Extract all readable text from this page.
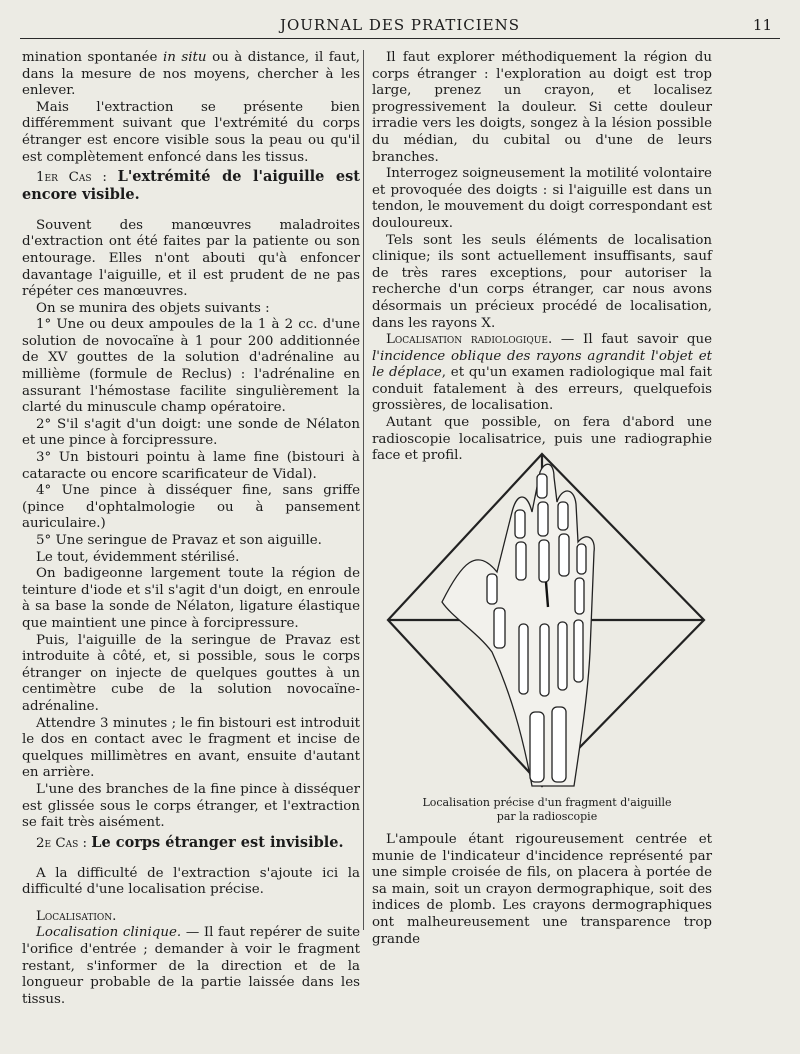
JOURNAL DES PRATICIENS	11

mination spontanée in situ ou à distance, il faut, dans la mesure de nos moyens, chercher à les enlever.

Mais l'extraction se présente bien différemment suivant que l'extrémité du corps étranger est encore visible sous la peau ou qu'il est complètement enfoncé dans les tissus.

1er Cas : L'extrémité de l'aiguille est encore visible.

Souvent des manœuvres maladroites d'extraction ont été faites par la patiente ou son entourage. Elles n'ont abouti qu'à enfoncer davantage l'aiguille, et il est prudent de ne pas répéter ces manœuvres.

On se munira des objets suivants :

1° Une ou deux ampoules de la 1 à 2 cc. d'une solution de novocaïne à 1 pour 200 additionnée de XV gouttes de la solution d'adrénaline au millième (formule de Reclus) : l'adrénaline en assurant l'hémostase facilite singulièrement la clarté du minuscule champ opératoire.

2° S'il s'agit d'un doigt: une sonde de Nélaton et une pince à forcipressure.

3° Un bistouri pointu à lame fine (bistouri à cataracte ou encore scarificateur de Vidal).

4° Une pince à disséquer fine, sans griffe (pince d'ophtalmologie ou à pansement auriculaire.)

5° Une seringue de Pravaz et son aiguille.

Le tout, évidemment stérilisé.

On badigeonne largement toute la région de teinture d'iode et s'il s'agit d'un doigt, en enroule à sa base la sonde de Nélaton, ligature élastique que maintient une pince à forcipressure.

Puis, l'aiguille de la seringue de Pravaz est introduite à côté, et, si possible, sous le corps étranger on injecte de quelques gouttes à un centimètre cube de la solution novocaïne-adrénaline.

Attendre 3 minutes ; le fin bistouri est introduit le dos en contact avec le fragment et incise de quelques millimètres en avant, ensuite d'autant en arrière.

L'une des branches de la fine pince à disséquer est glissée sous le corps étranger, et l'extraction se fait très aisément.

2e Cas : Le corps étranger est invisible.

A la difficulté de l'extraction s'ajoute ici la difficulté d'une localisation précise.

Localisation.

Localisation clinique. — Il faut repérer de suite l'orifice d'entrée ; demander à voir le fragment restant, s'informer de la direction et de la longueur probable de la partie laissée dans les tissus.

Il faut explorer méthodiquement la région du corps étranger : l'exploration au doigt est trop large, prenez un crayon, et localisez progressivement la douleur. Si cette douleur irradie vers les doigts, songez à la lésion possible du médian, du cubital ou d'une de leurs branches.

Interrogez soigneusement la motilité volontaire et provoquée des doigts : si l'aiguille est dans un tendon, le mouvement du doigt correspondant est douloureux.

Tels sont les seuls éléments de localisation clinique; ils sont actuellement insuffisants, sauf de très rares exceptions, pour autoriser la recherche d'un corps étranger, car nous avons désormais un précieux procédé de localisation, dans les rayons X.

Localisation radiologique. — Il faut savoir que l'incidence oblique des rayons agrandit l'objet et le déplace, et qu'un examen radiologique mal fait conduit fatalement à des erreurs, quelquefois grossières, de localisation.

Autant que possible, on fera d'abord une radioscopie localisatrice, puis une radiographie face et profil.

Localisation précise d'un fragment d'aiguille
par la radioscopie

L'ampoule étant rigoureusement centrée et munie de l'indicateur d'incidence représenté par une simple croisée de fils, on placera à portée de sa main, soit un crayon dermographique, soit des indices de plomb. Les crayons dermographiques ont malheureusement une transparence trop grande
